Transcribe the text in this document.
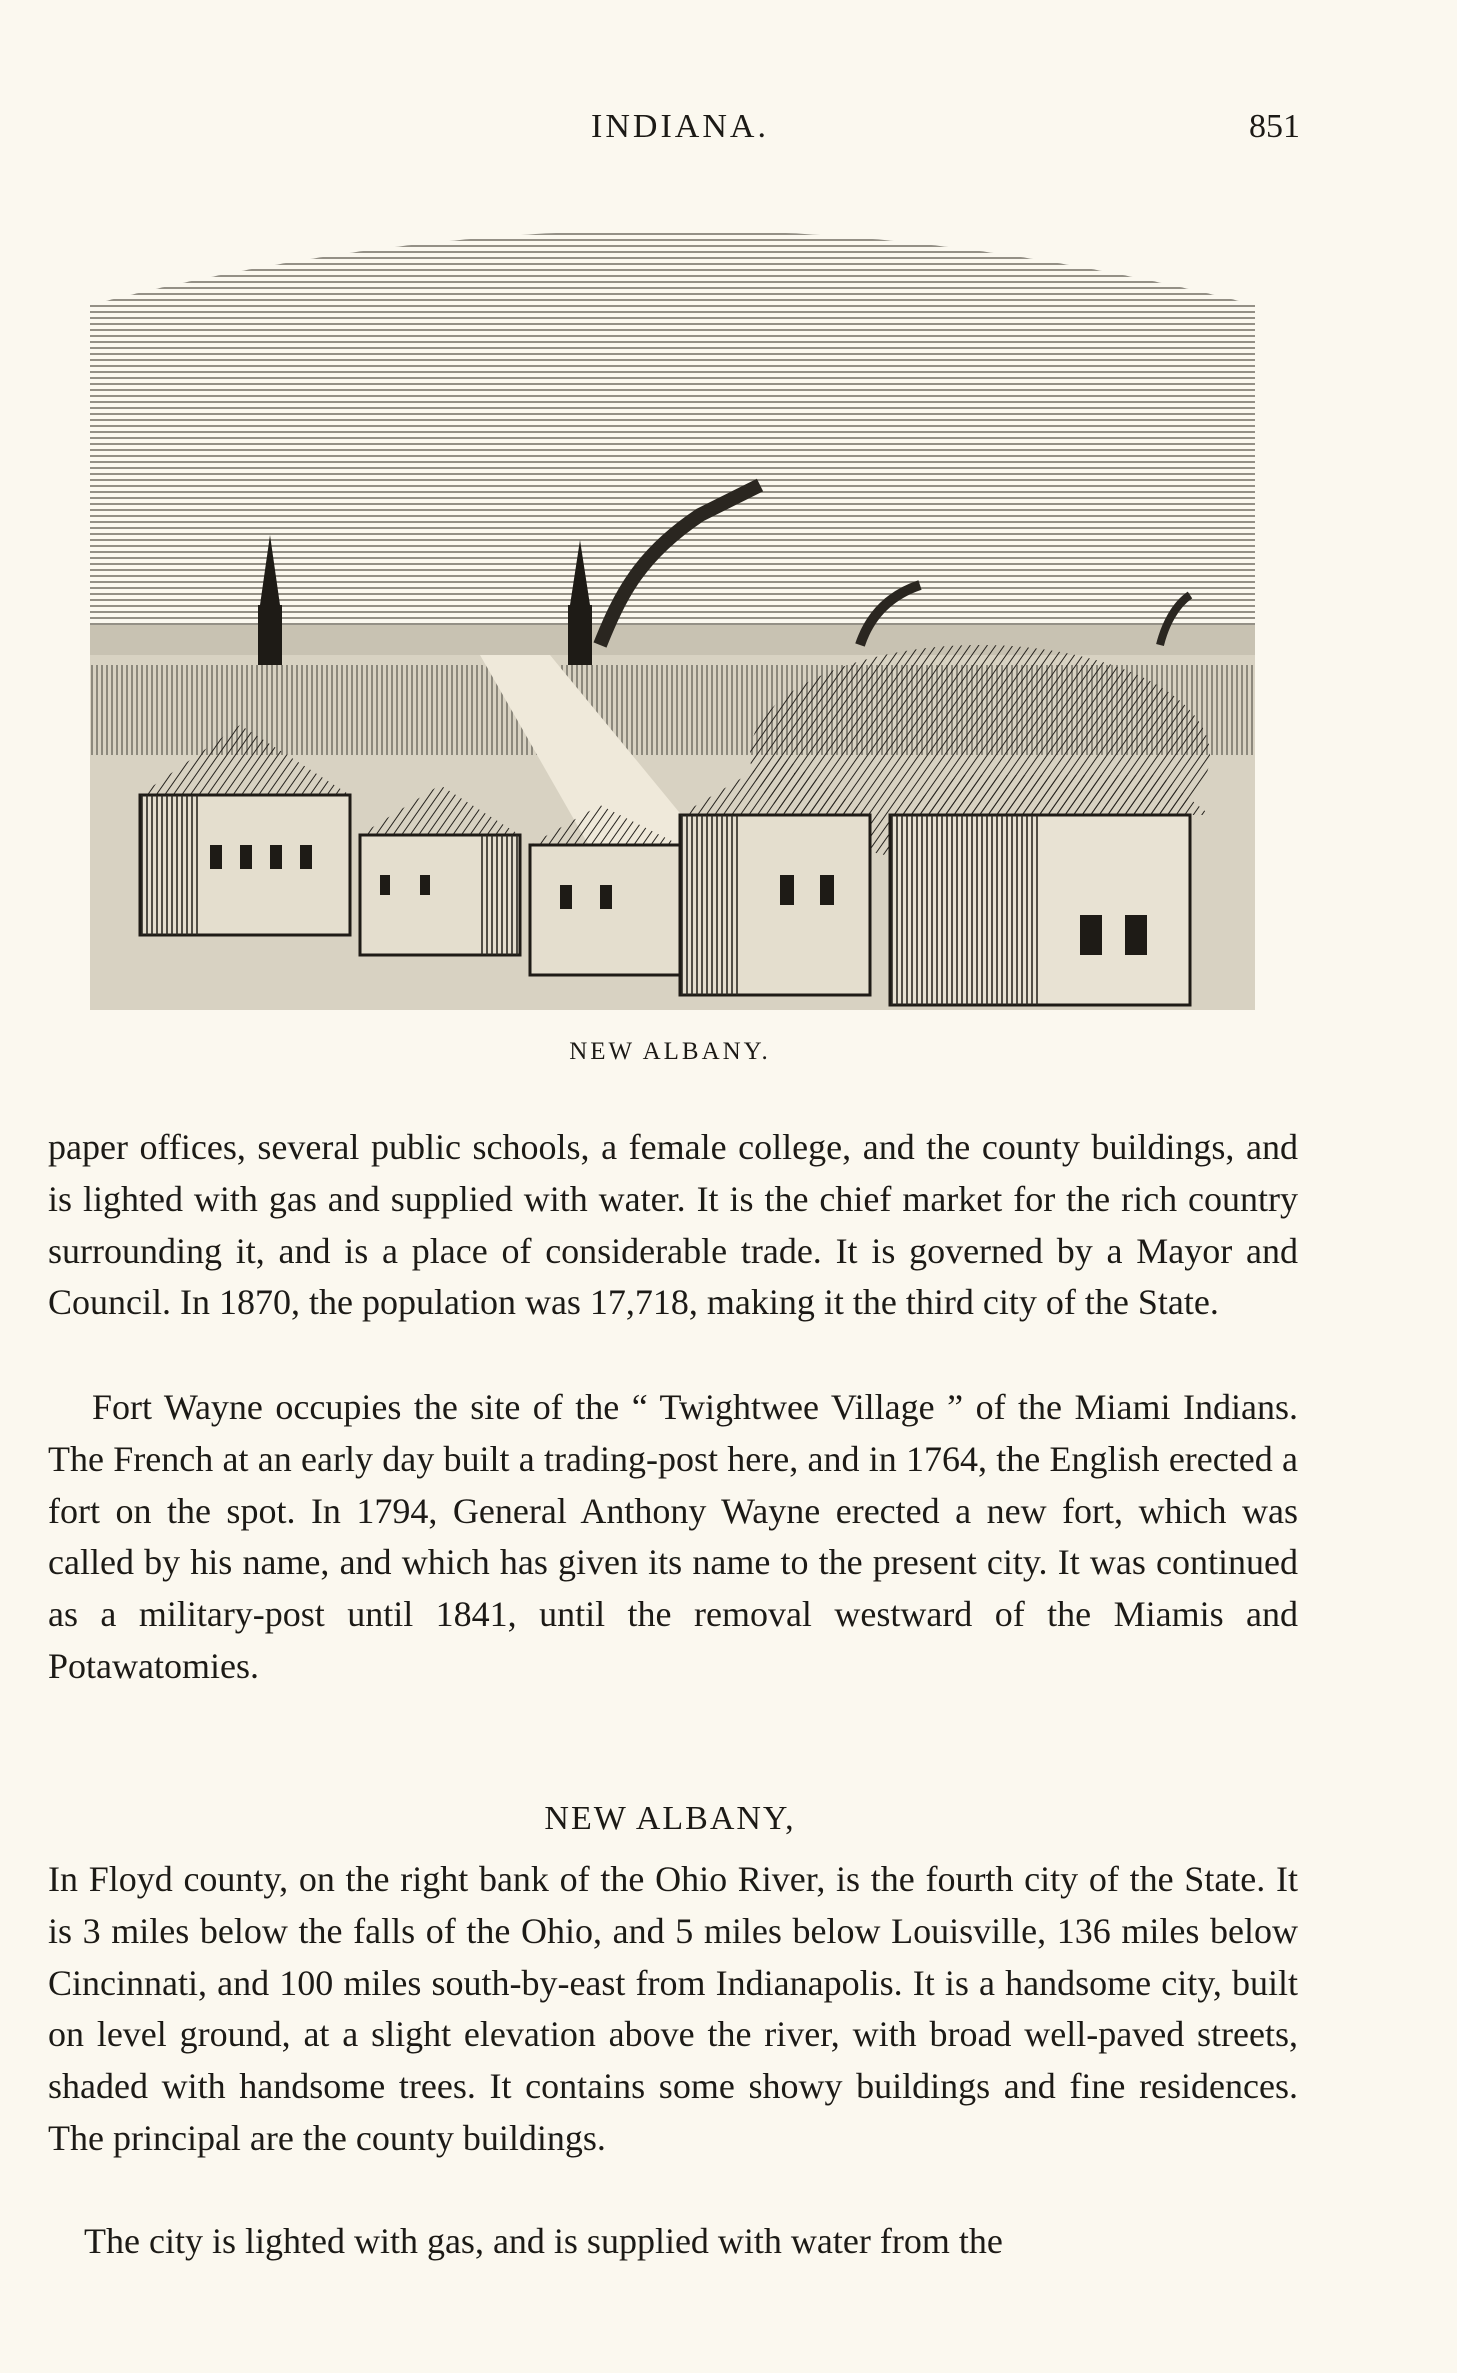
INDIANA.	851
NEW ALBANY.

paper offices, several public schools, a female college, and the county buildings, and is lighted with gas and supplied with water. It is the chief market for the rich country surrounding it, and is a place of considerable trade. It is governed by a Mayor and Council. In 1870, the population was 17,718, making it the third city of the State.

Fort Wayne occupies the site of the “ Twightwee Village ” of the Miami Indians. The French at an early day built a trading-post here, and in 1764, the English erected a fort on the spot. In 1794, General Anthony Wayne erected a new fort, which was called by his name, and which has given its name to the present city. It was continued as a military-post until 1841, until the removal westward of the Miamis and Potawatomies.

NEW ALBANY,

In Floyd county, on the right bank of the Ohio River, is the fourth city of the State. It is 3 miles below the falls of the Ohio, and 5 miles below Louisville, 136 miles below Cincinnati, and 100 miles south-by-east from Indianapolis. It is a handsome city, built on level ground, at a slight elevation above the river, with broad well-paved streets, shaded with handsome trees. It contains some showy buildings and fine residences. The principal are the county buildings.

The city is lighted with gas, and is supplied with water from the
